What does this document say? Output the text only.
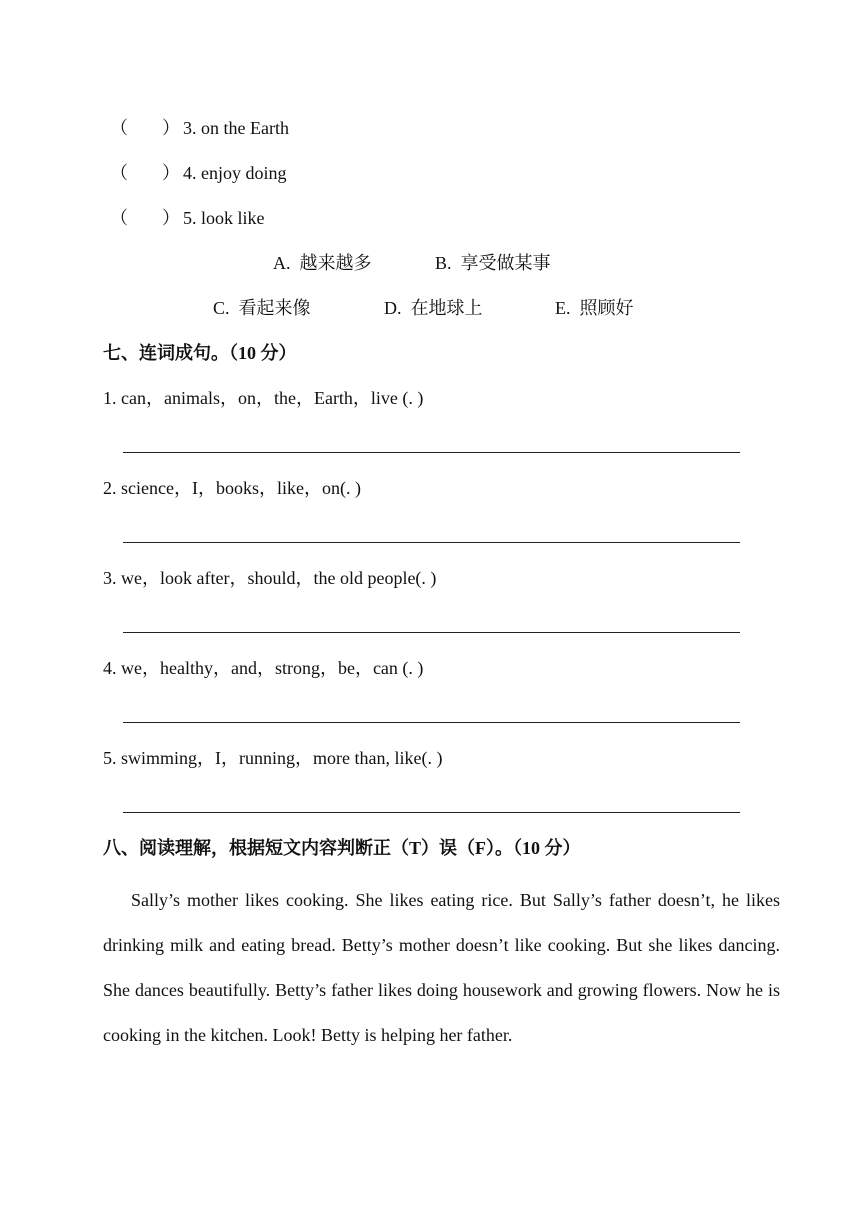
（ ） 3. on the Earth
（ ） 4. enjoy doing
（ ） 5. look like
A. 越来越多	B. 享受做某事
C. 看起来像	D. 在地球上	E. 照顾好
七、连词成句。（10 分）
1. can，animals，on，the，Earth，live (. )
2. science，I，books，like，on(. )
3. we，look after，should，the old people(. )
4. we，healthy，and，strong，be，can (. )
5. swimming，I，running，more than, like(. )
八、阅读理解，根据短文内容判断正（T）误（F）。（10 分）
Sally’s mother likes cooking. She likes eating rice. But Sally’s father doesn’t, he likes drinking milk and eating bread. Betty’s mother doesn’t like cooking. But she likes dancing. She dances beautifully. Betty’s father likes doing housework and growing flowers. Now he is cooking in the kitchen. Look! Betty is helping her father.
